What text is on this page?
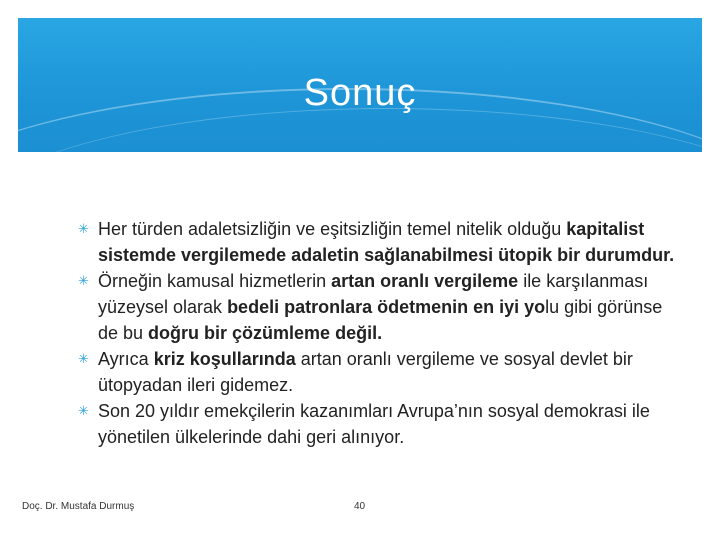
Sonuç

✳ Her türden adaletsizliğin ve eşitsizliğin temel nitelik olduğu kapitalist sistemde vergilemede adaletin sağlanabilmesi ütopik bir durumdur.

✳ Örneğin kamusal hizmetlerin artan oranlı vergileme ile karşılanması yüzeysel olarak bedeli patronlara ödetmenin en iyi yolu gibi görünse de bu doğru bir çözümleme değil.

✳ Ayrıca kriz koşullarında artan oranlı vergileme ve sosyal devlet bir ütopyadan ileri gidemez.

✳ Son 20 yıldır emekçilerin kazanımları Avrupa’nın sosyal demokrasi ile yönetilen ülkelerinde dahi geri alınıyor.

Doç. Dr. Mustafa Durmuş	40
